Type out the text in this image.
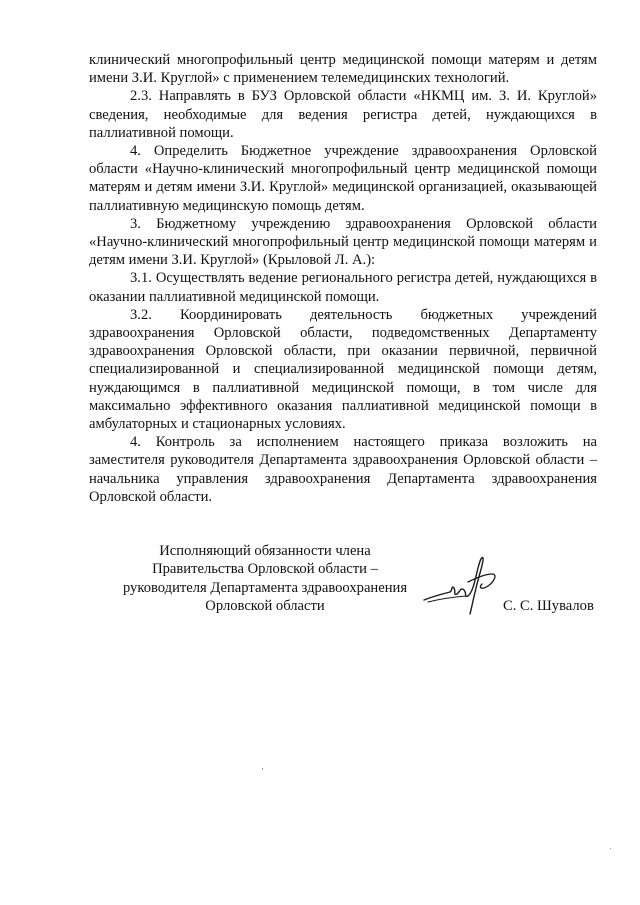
клинический многопрофильный центр медицинской помощи матерям и детям имени З.И. Круглой» с применением телемедицинских технологий.

2.3. Направлять в БУЗ Орловской области «НКМЦ им. З. И. Круглой» сведения, необходимые для ведения регистра детей, нуждающихся в паллиативной помощи.

4. Определить Бюджетное учреждение здравоохранения Орловской области «Научно-клинический многопрофильный центр медицинской помощи матерям и детям имени З.И. Круглой» медицинской организацией, оказывающей паллиативную медицинскую помощь детям.

3. Бюджетному учреждению здравоохранения Орловской области «Научно-клинический многопрофильный центр медицинской помощи матерям и детям имени З.И. Круглой» (Крыловой Л. А.):

3.1. Осуществлять ведение регионального регистра детей, нуждающихся в оказании паллиативной медицинской помощи.

3.2. Координировать деятельность бюджетных учреждений здравоохранения Орловской области, подведомственных Департаменту здравоохранения Орловской области, при оказании первичной, первичной специализированной и специализированной медицинской помощи детям, нуждающимся в паллиативной медицинской помощи, в том числе для максимально эффективного оказания паллиативной медицинской помощи в амбулаторных и стационарных условиях.

4. Контроль за исполнением настоящего приказа возложить на заместителя руководителя Департамента здравоохранения Орловской области – начальника управления здравоохранения Департамента здравоохранения Орловской области.

Исполняющий обязанности члена
Правительства Орловской области –
руководителя Департамента здравоохранения
Орловской области	С. С. Шувалов
